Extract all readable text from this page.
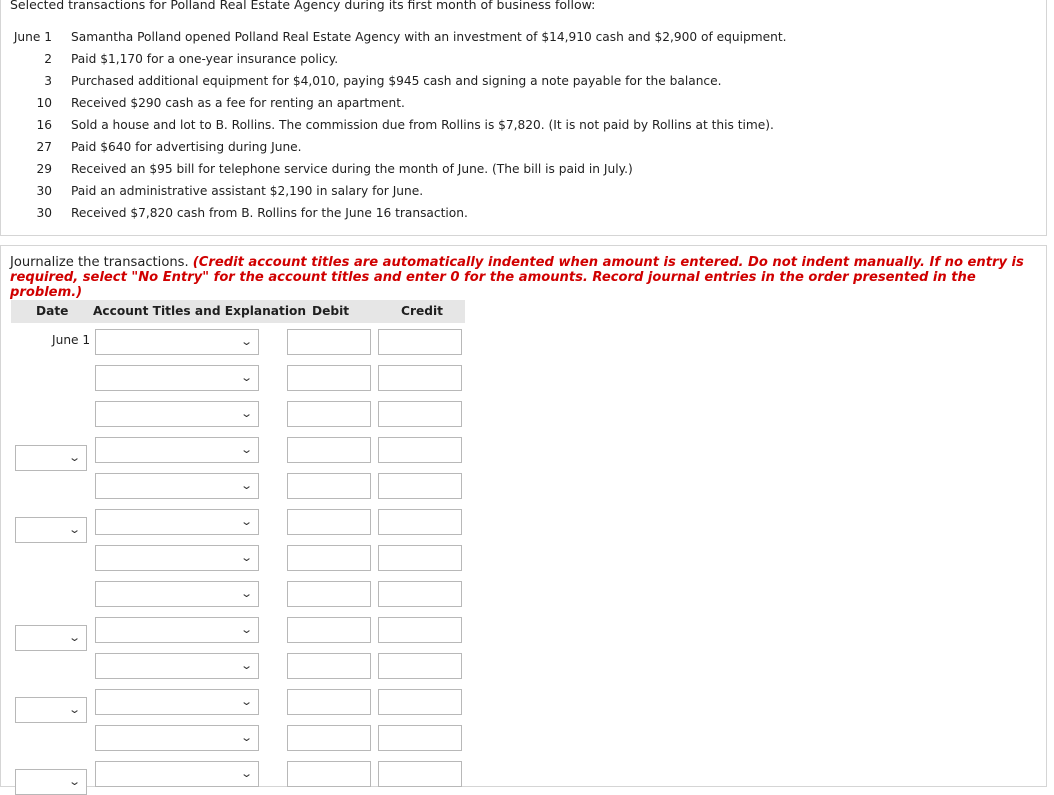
Selected transactions for Polland Real Estate Agency during its first month of business follow:
June 1 Samantha Polland opened Polland Real Estate Agency with an investment of $14,910 cash and $2,900 of equipment.
2 Paid $1,170 for a one-year insurance policy.
3 Purchased additional equipment for $4,010, paying $945 cash and signing a note payable for the balance.
10 Received $290 cash as a fee for renting an apartment.
16 Sold a house and lot to B. Rollins. The commission due from Rollins is $7,820. (It is not paid by Rollins at this time).
27 Paid $640 for advertising during June.
29 Received an $95 bill for telephone service during the month of June. (The bill is paid in July.)
30 Paid an administrative assistant $2,190 in salary for June.
30 Received $7,820 cash from B. Rollins for the June 16 transaction.
Journalize the transactions. (Credit account titles are automatically indented when amount is entered. Do not indent manually. If no entry is required, select "No Entry" for the account titles and enter 0 for the amounts. Record journal entries in the order presented in the problem.)
Date Account Titles and Explanation Debit	Credit
June 1	⌄
⌄
⌄
⌄
⌄
⌄
⌄
⌄
⌄
⌄
⌄
⌄
⌄
⌄
⌄
⌄
⌄
⌄
